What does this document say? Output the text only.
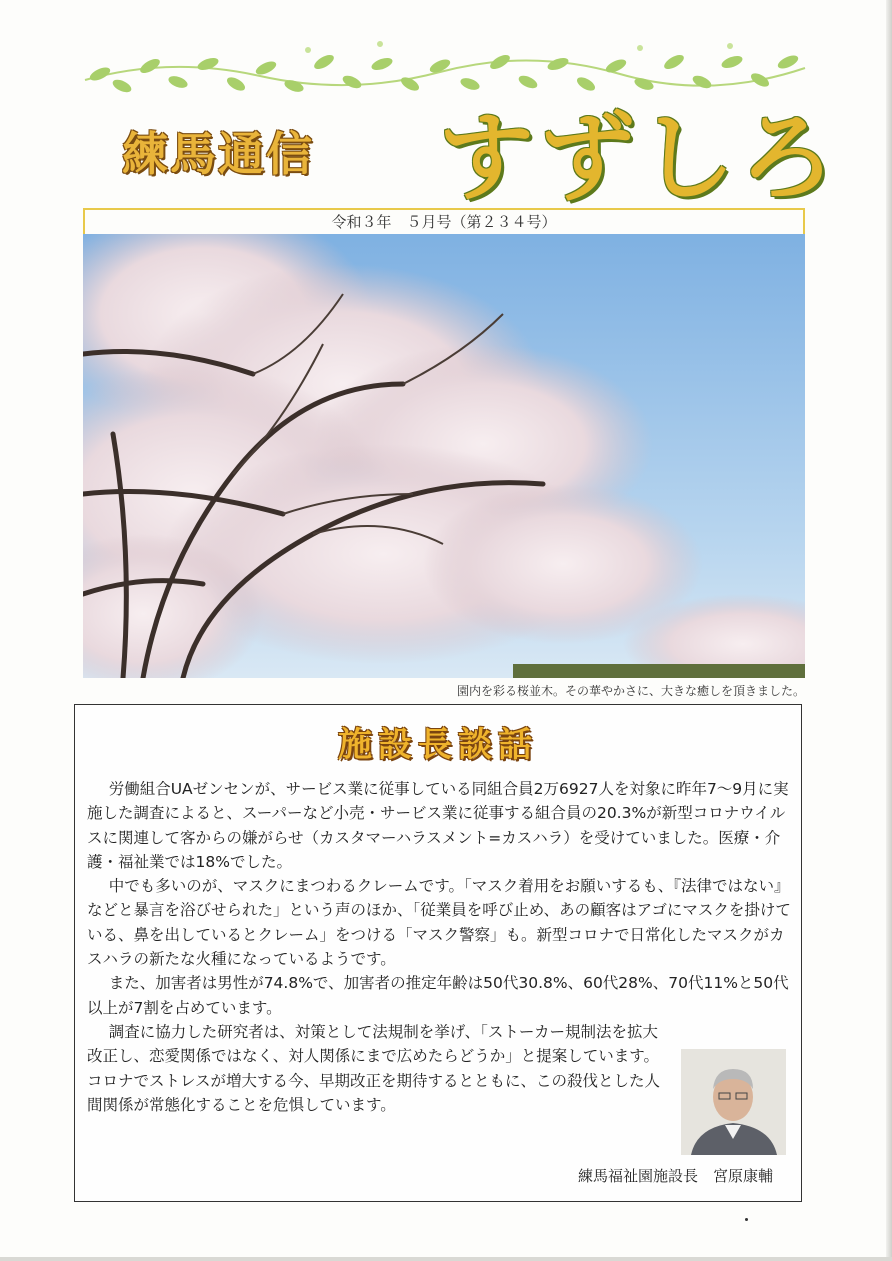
練馬通信 すずしろ
令和３年　５月号（第２３４号）
園内を彩る桜並木。その華やかさに、大きな癒しを頂きました。
施設長談話

労働組合UAゼンセンが、サービス業に従事している同組合員2万6927人を対象に昨年7～9月に実施した調査によると、スーパーなど小売・サービス業に従事する組合員の20.3%が新型コロナウイルスに関連して客からの嫌がらせ（カスタマーハラスメント=カスハラ）を受けていました。医療・介護・福祉業では18%でした。

中でも多いのが、マスクにまつわるクレームです。「マスク着用をお願いするも、『法律ではない』などと暴言を浴びせられた」という声のほか、「従業員を呼び止め、あの顧客はアゴにマスクを掛けている、鼻を出しているとクレーム」をつける「マスク警察」も。新型コロナで日常化したマスクがカスハラの新たな火種になっているようです。

また、加害者は男性が74.8%で、加害者の推定年齢は50代30.8%、60代28%、70代11%と50代以上が7割を占めています。

調査に協力した研究者は、対策として法規制を挙げ、「ストーカー規制法を拡大改正し、恋愛関係ではなく、対人関係にまで広めたらどうか」と提案しています。

コロナでストレスが増大する今、早期改正を期待するとともに、この殺伐とした人間関係が常態化することを危惧しています。

練馬福祉園施設長　宮原康輔
